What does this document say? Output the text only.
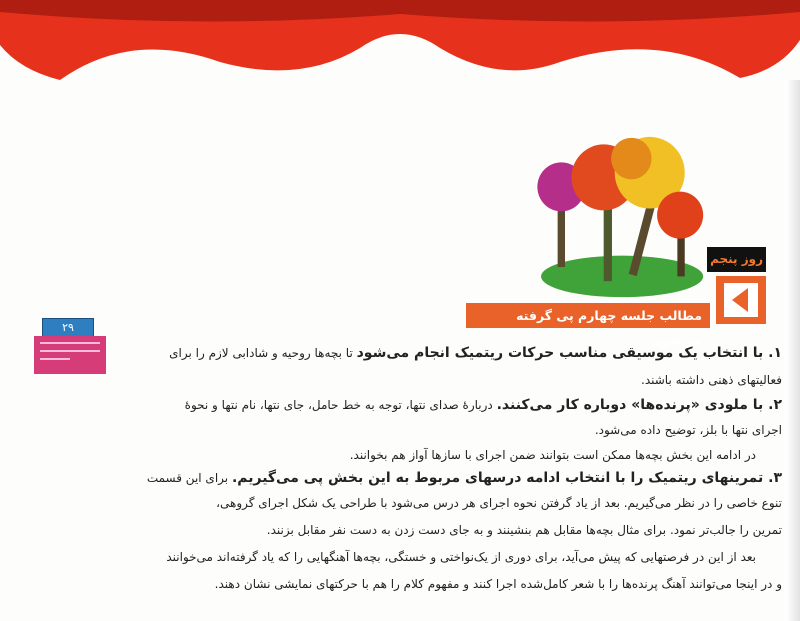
روز پنجم
مطالب جلسه چهارم پی گرفته می‌شود
۲۹
۱. با انتخاب یک موسیقی مناسب حرکات ریتمیک انجام می‌شود تا بچه‌ها روحیه و شادابی لازم را برای
فعالیتهای ذهنی داشته باشند.
۲. با ملودی «پرنده‌ها» دوباره کار می‌کنند. دربارهٔ صدای نتها، توجه به خط حامل، جای نتها، نام نتها و نحوهٔ
اجرای نتها با بلز، توضیح داده می‌شود.
در ادامه این بخش بچه‌ها ممکن است بتوانند ضمن اجرای با سازها آواز هم بخوانند.
۳. تمرینهای ریتمیک را با انتخاب ادامه درسهای مربوط به این بخش پی می‌گیریم. برای این قسمت
تنوع خاصی را در نظر می‌گیریم. بعد از یاد گرفتن نحوه اجرای هر درس می‌شود با طراحی یک شکل اجرای گروهی،
تمرین را جالب‌تر نمود. برای مثال بچه‌ها مقابل هم بنشینند و به جای دست زدن به دست نفر مقابل بزنند.
بعد از این در فرصتهایی که پیش می‌آید، برای دوری از یک‌نواختی و خستگی، بچه‌ها آهنگهایی را که یاد گرفته‌اند می‌خوانند
و در اینجا می‌توانند آهنگ پرنده‌ها را با شعر کامل‌شده اجرا کنند و مفهوم کلام را هم با حرکتهای نمایشی نشان دهند.
